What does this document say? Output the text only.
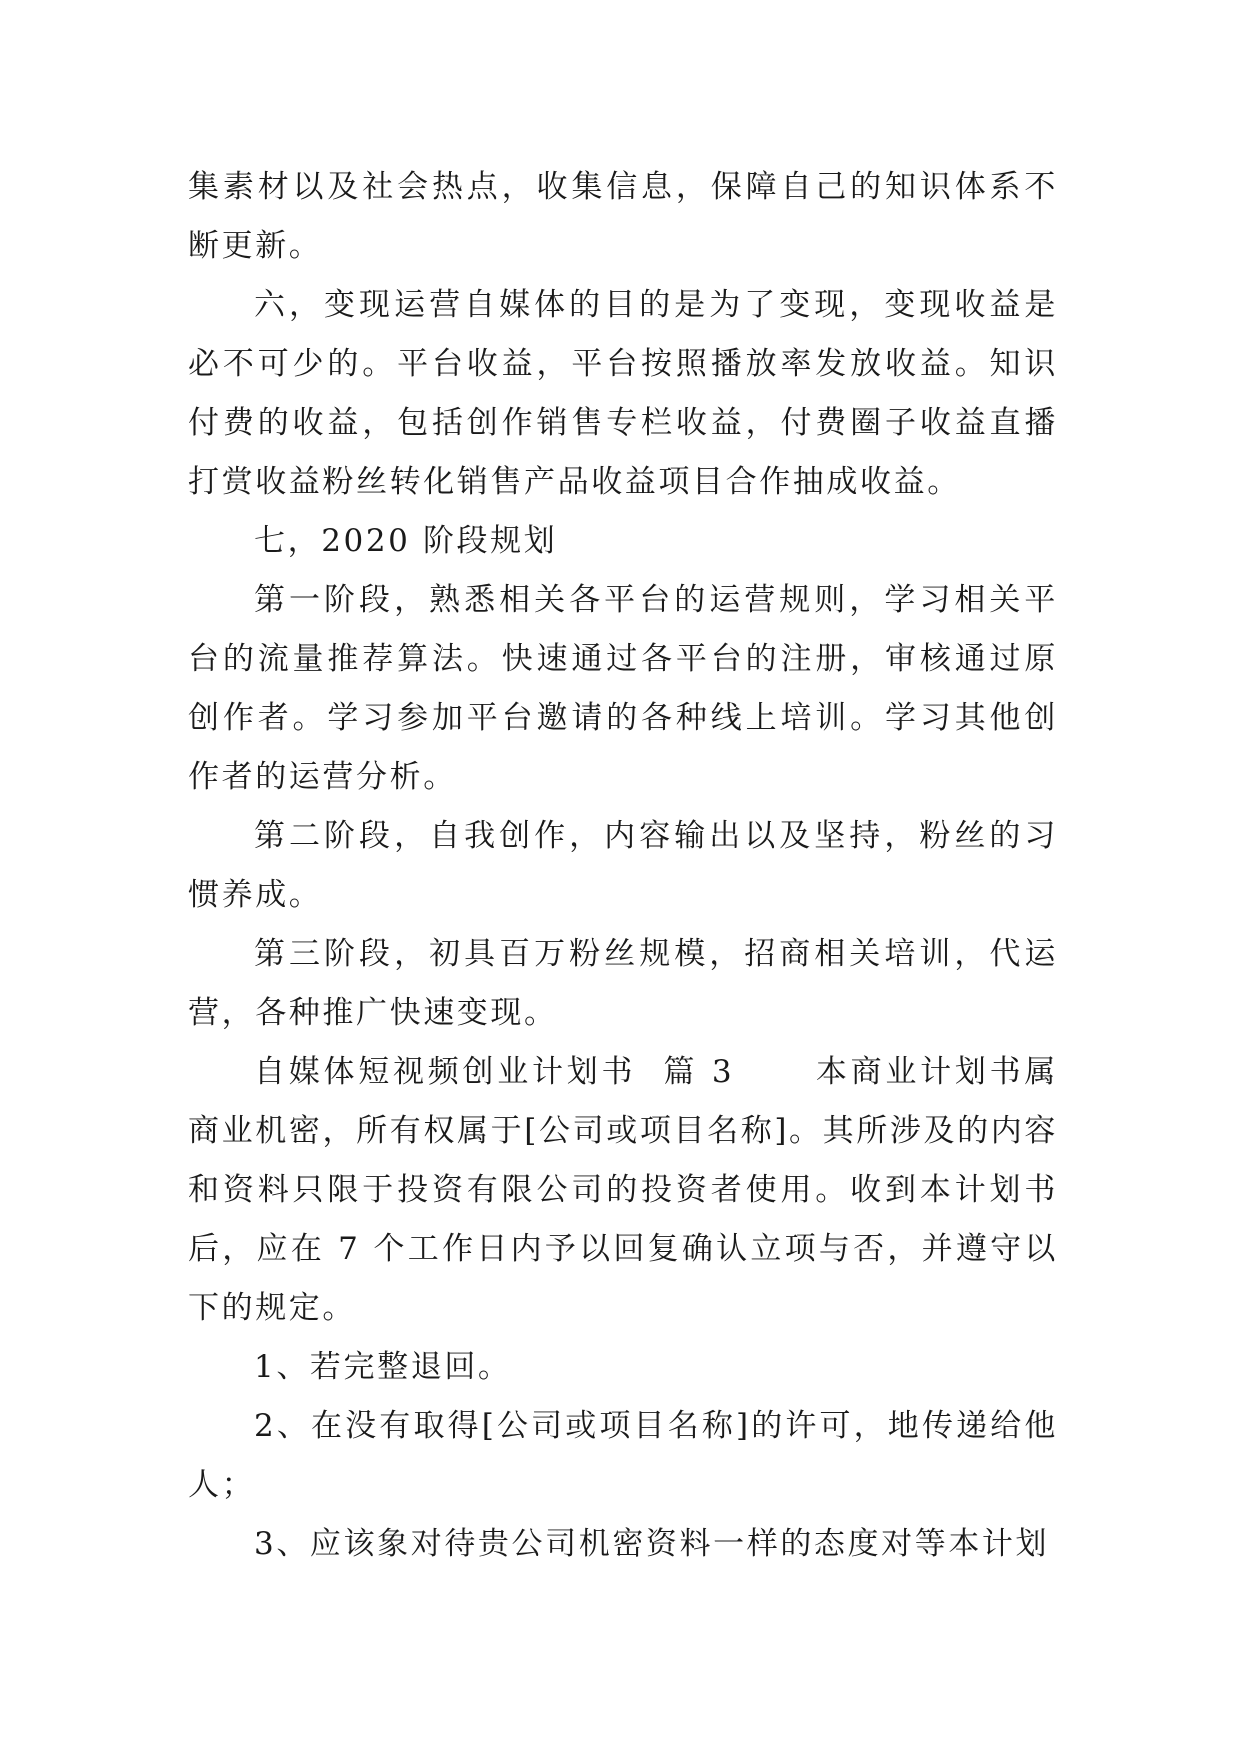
集素材以及社会热点，收集信息，保障自己的知识体系不断更新。

六，变现运营自媒体的目的是为了变现，变现收益是必不可少的。平台收益，平台按照播放率发放收益。知识付费的收益，包括创作销售专栏收益，付费圈子收益直播打赏收益粉丝转化销售产品收益项目合作抽成收益。

七，2020 阶段规划

第一阶段，熟悉相关各平台的运营规则，学习相关平台的流量推荐算法。快速通过各平台的注册，审核通过原创作者。学习参加平台邀请的各种线上培训。学习其他创作者的运营分析。

第二阶段，自我创作，内容输出以及坚持，粉丝的习惯养成。

第三阶段，初具百万粉丝规模，招商相关培训，代运营，各种推广快速变现。

自媒体短视频创业计划书  篇 3      本商业计划书属商业机密，所有权属于[公司或项目名称]。其所涉及的内容和资料只限于投资有限公司的投资者使用。收到本计划书后，应在 7 个工作日内予以回复确认立项与否，并遵守以下的规定。

1、若完整退回。

2、在没有取得[公司或项目名称]的许可，地传递给他人；

3、应该象对待贵公司机密资料一样的态度对等本计划
